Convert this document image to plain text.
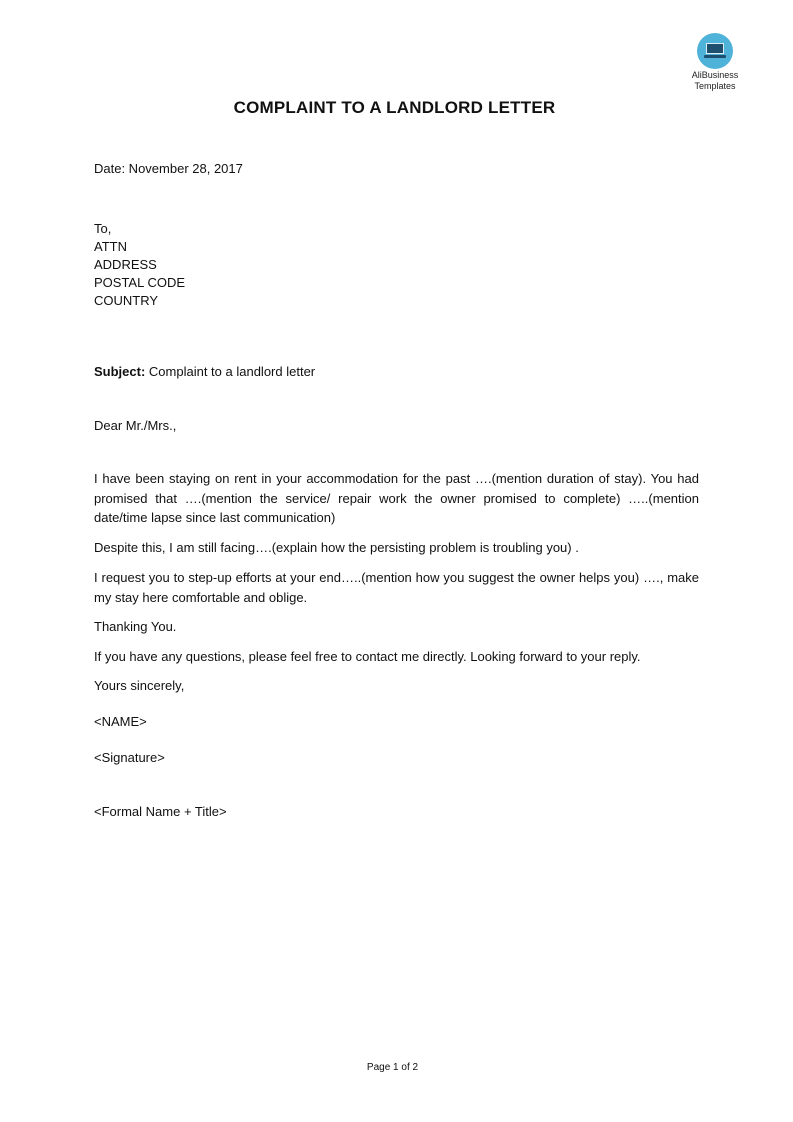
AliBusiness
Templates
COMPLAINT TO A LANDLORD LETTER
Date: November 28, 2017
To,
ATTN
ADDRESS
POSTAL CODE
COUNTRY
Subject: Complaint to a landlord letter
Dear Mr./Mrs.,
I have been staying on rent in your accommodation for the past ….(mention duration of stay). You had promised that ….(mention the service/ repair work the owner promised to complete) …..(mention date/time lapse since last communication)
Despite this, I am still facing….(explain how the persisting problem is troubling you) .
I request you to step-up efforts at your end…..(mention how you suggest the owner helps you) …., make my stay here comfortable and oblige.
Thanking You.
If you have any questions, please feel free to contact me directly. Looking forward to your reply.
Yours sincerely,
<NAME>
<Signature>
<Formal Name + Title>
Page 1 of 2
